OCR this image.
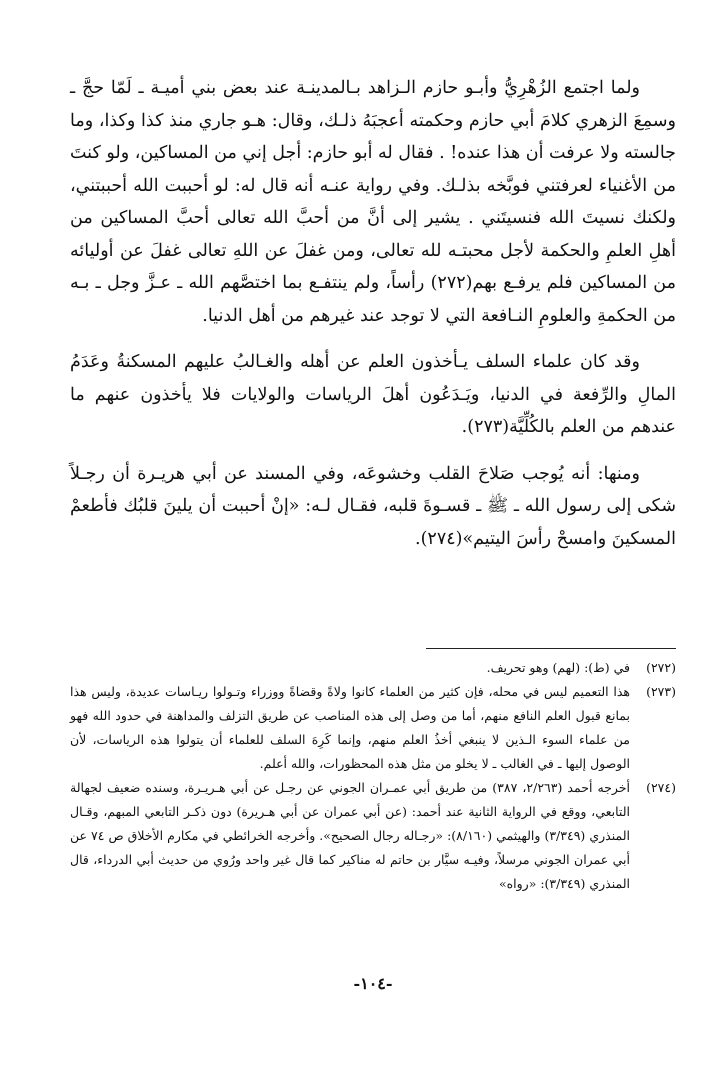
ولما اجتمع الزُهْرِيُّ وأبـو حازم الـزاهد بـالمدينـة عند بعض بني أميـة ـ لَمّا حجَّ ـ وسمِعَ الزهري كلامَ أبي حازم وحكمته أعجبَهُ ذلـك، وقال: هـو جاري منذ كذا وكذا، وما جالسته ولا عرفت أن هذا عنده! . فقال له أبو حازم: أجل إني من المساكين، ولو كنتَ من الأغنياء لعرفتني فوبَّخه بذلـك. وفي رواية عنـه أنه قال له: لو أحببت الله أحببتني، ولكنك نسيتَ الله فنسيتَني . يشير إلى أنَّ من أحبَّ الله تعالى أحبَّ المساكين من أهلِ العلمِ والحكمة لأجل محبتـه لله تعالى، ومن غفلَ عن اللهِ تعالى غفلَ عن أوليائه من المساكين فلم يرفـع بهم(٢٧٢) رأساً، ولم ينتفـع بما اختصَّهم الله ـ عـزَّ وجل ـ بـه من الحكمةِ والعلومِ النـافعة التي لا توجد عند غيرهم من أهل الدنيا.

وقد كان علماء السلف يـأخذون العلم عن أهله والغـالبُ عليهم المسكنةُ وعَدَمُ المالِ والرِّفعة في الدنيا، ويَـدَعُون أهلَ الرياسات والولايات فلا يأخذون عنهم ما عندهم من العلم بالكُلِّيَّة(٢٧٣).

ومنها: أنه يُوجب صَلاحَ القلب وخشوعَه، وفي المسند عن أبي هريـرة أن رجـلاً شكى إلى رسول الله ـ ﷺ ـ قسـوةَ قلبه، فقـال لـه: «إنْ أحببت أن يلينَ قلبُك فأطعمْ المسكينَ وامسحْ رأسَ اليتيم»(٢٧٤).

(٢٧٢)
في (ط): (لهم) وهو تحريف.
(٢٧٣)
هذا التعميم ليس في محله، فإن كثير من العلماء كانوا ولاةً وقضاةً ووزراء وتـولوا ريـاسات عديدة، وليس هذا بمانع قبول العلم النافع منهم، أما من وصل إلى هذه المناصب عن طريق التزلف والمداهنة في حدود الله فهو من علماء السوء الـذين لا ينبغي أخذُ العلم منهم، وإنما كَرِهَ السلف للعلماء أن يتولوا هذه الرياسات، لأن الوصول إليها ـ في الغالب ـ لا يخلو من مثل هذه المحظورات، والله أعلم.
(٢٧٤)
أخرجه أحمد (٢/٢٦٣، ٣٨٧) من طريق أبي عمـران الجوني عن رجـل عن أبي هـريـرة، وسنده ضعيف لجهالة التابعي، ووقع في الرواية الثانية عند أحمد: (عن أبي عمران عن أبي هـريرة) دون ذكـر التابعي المبهم، وقـال المنذري (٣/٣٤٩) والهيثمي (٨/١٦٠): «رجـاله رجال الصحيح». وأخرجه الخرائطي في مكارم الأخلاق ص ٧٤ عن أبي عمران الجوني مرسلاً، وفيـه سيَّار بن حاتم له مناكير كما قال غير واحد ورُوي من حديث أبي الدرداء، قال المنذري (٣/٣٤٩): «رواه»
-١٠٤-
